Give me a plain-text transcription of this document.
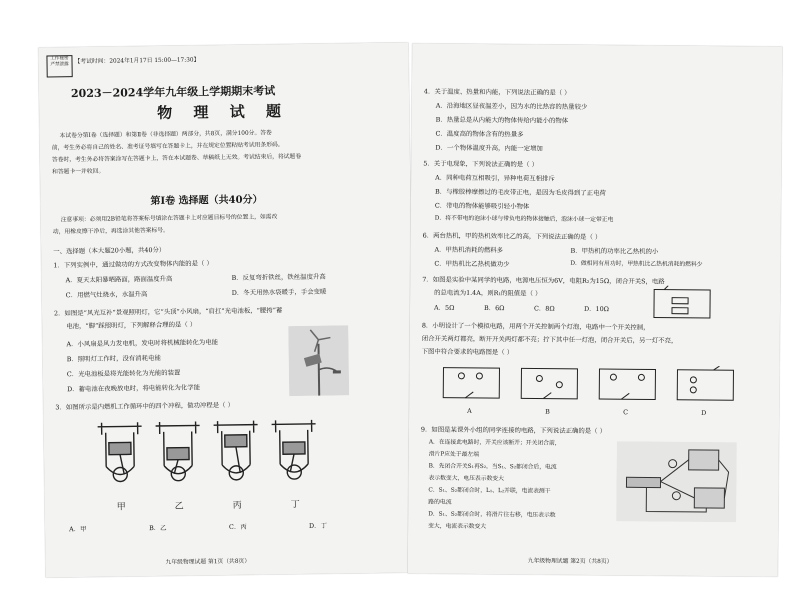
工作秘密
严禁泄露
【考试时间：2024年1月17日 15:00—17:30】
2023－2024学年九年级上学期期末考试
物 理 试 题
本试卷分第Ⅰ卷（选择题）和第Ⅱ卷（非选择题）两部分，共8页，满分100分。答卷
前，考生务必将自己的姓名、准考证号填写在答题卡上，并在规定位置粘贴考试用条形码。
答卷时，考生务必将答案涂写在答题卡上，答在本试题卷、草稿纸上无效。考试结束后，将试题卷
和答题卡一并收回。
第Ⅰ卷 选择题（共40分）
注意事项：必须用2B铅笔将答案标号填涂在答题卡上对应题目标号的位置上，如需改
动，用橡皮擦干净后，再选涂其他答案标号。
一、选择题（本大题20小题，共40分）
1．下列实例中，通过做功的方式改变物体内能的是（ ）
A．夏天太阳暴晒路面，路面温度升高	B．反复弯折铁丝，铁丝温度升高
C．用燃气灶烧水，水温升高	D．冬天用热水袋暖手，手会变暖
2．如图是“风光互补”景观照明灯，它“头顶”小风扇，“肩扛”光电池板，“腰挎”蓄
电池，“脚”踩照明灯，下列解释合理的是（ ）
A．小风扇是风力发电机，发电时将机械能转化为电能
B．照明灯工作时，没有消耗电能
C．光电池板是将光能转化为光能的装置
D．蓄电池在夜晚放电时，将电能转化为化学能
3．如图所示是内燃机工作循环中的四个冲程，做功冲程是（ ）
甲	乙	丙	丁
A．甲	B．乙	C．丙	D．丁
九年级物理试题 第1页（共8页）
4．关于温度、热量和内能，下列说法正确的是（ ）
A．沿海地区昼夜温差小，因为水的比热容的热量较少
B．热量总是从内能大的物体传给内能小的物体
C．温度高的物体含有的热量多
D．一个物体温度升高，内能一定增加
5．关于电现象，下列说法正确的是（ ）
A．同种电荷互相吸引，异种电荷互相排斥
B．与橡胶棒摩擦过的毛皮带正电，是因为毛皮得到了正电荷
C．带电的物体能够吸引轻小物体
D．将不带电的泡沫小球与带负电的物体接触后，泡沫小球一定带正电
6．两台热机，甲的热机效率比乙的高，下列说法正确的是（ ）
A．甲热机消耗的燃料多	B．甲热机的功率比乙热机的小
C．甲热机比乙热机做功少	D．做相同有用功时，甲热机比乙热机消耗的燃料少
7．如图是实验中某同学的电路，电源电压恒为6V，电阻R₂为15Ω，闭合开关S，电路
的总电流为1.4A，则R₁的阻值是（ ）
A．5Ω	B．6Ω	C．8Ω	D．10Ω
8．小明设计了一个模拟电路，用两个开关控制两个灯泡，电路中一个开关控制，
闭合开关两灯都亮，断开开关两灯都不亮；拧下其中任一灯泡，闭合开关后，另一灯不亮，
下图中符合要求的电路图是（ ）
A	B	C	D
9．如图是某课外小组的同学连接的电路，下列说法正确的是（ ）
A．在连接此电路时，开关应该断开；开关闭合前，
滑片P应处于最左端
B．先闭合开关S₁再S₂，当S₁、S₂都闭合后，电流
表示数变大，电压表示数变大
C．S₁、S₂都闭合时，L₁、L₂并联，电流表测干
路的电流
D．S₁、S₂都闭合时，将滑片往右移，电压表示数
变大，电流表示数变大
九年级物理试题 第2页（共8页）
